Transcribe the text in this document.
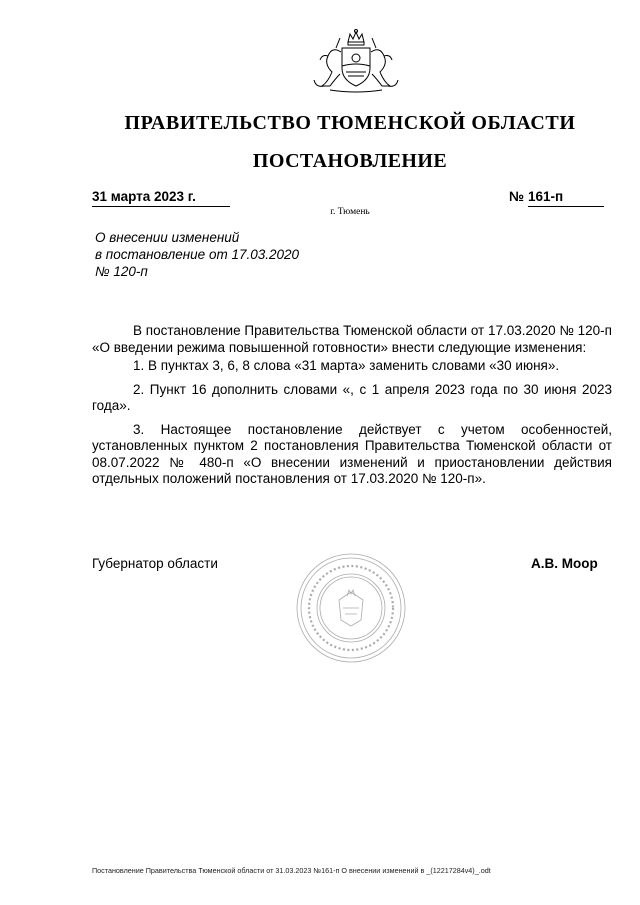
ПРАВИТЕЛЬСТВО ТЮМЕНСКОЙ ОБЛАСТИ
ПОСТАНОВЛЕНИЕ
31 марта 2023 г.	№ 161-п
г. Тюмень
О внесении изменений
в постановление от 17.03.2020
№ 120-п

В постановление Правительства Тюменской области от 17.03.2020 № 120-п «О введении режима повышенной готовности» внести следующие изменения:

1. В пунктах 3, 6, 8 слова «31 марта» заменить словами «30 июня».

2. Пункт 16 дополнить словами «, с 1 апреля 2023 года по 30 июня 2023 года».

3. Настоящее постановление действует с учетом особенностей, установленных пунктом 2 постановления Правительства Тюменской области от 08.07.2022 № 480-п «О внесении изменений и приостановлении действия отдельных положений постановления от 17.03.2020 № 120-п».

Губернатор области	А.В. Моор
Постановление Правительства Тюменской области от 31.03.2023 №161-п О внесении изменений в _(12217284v4)_.odt
